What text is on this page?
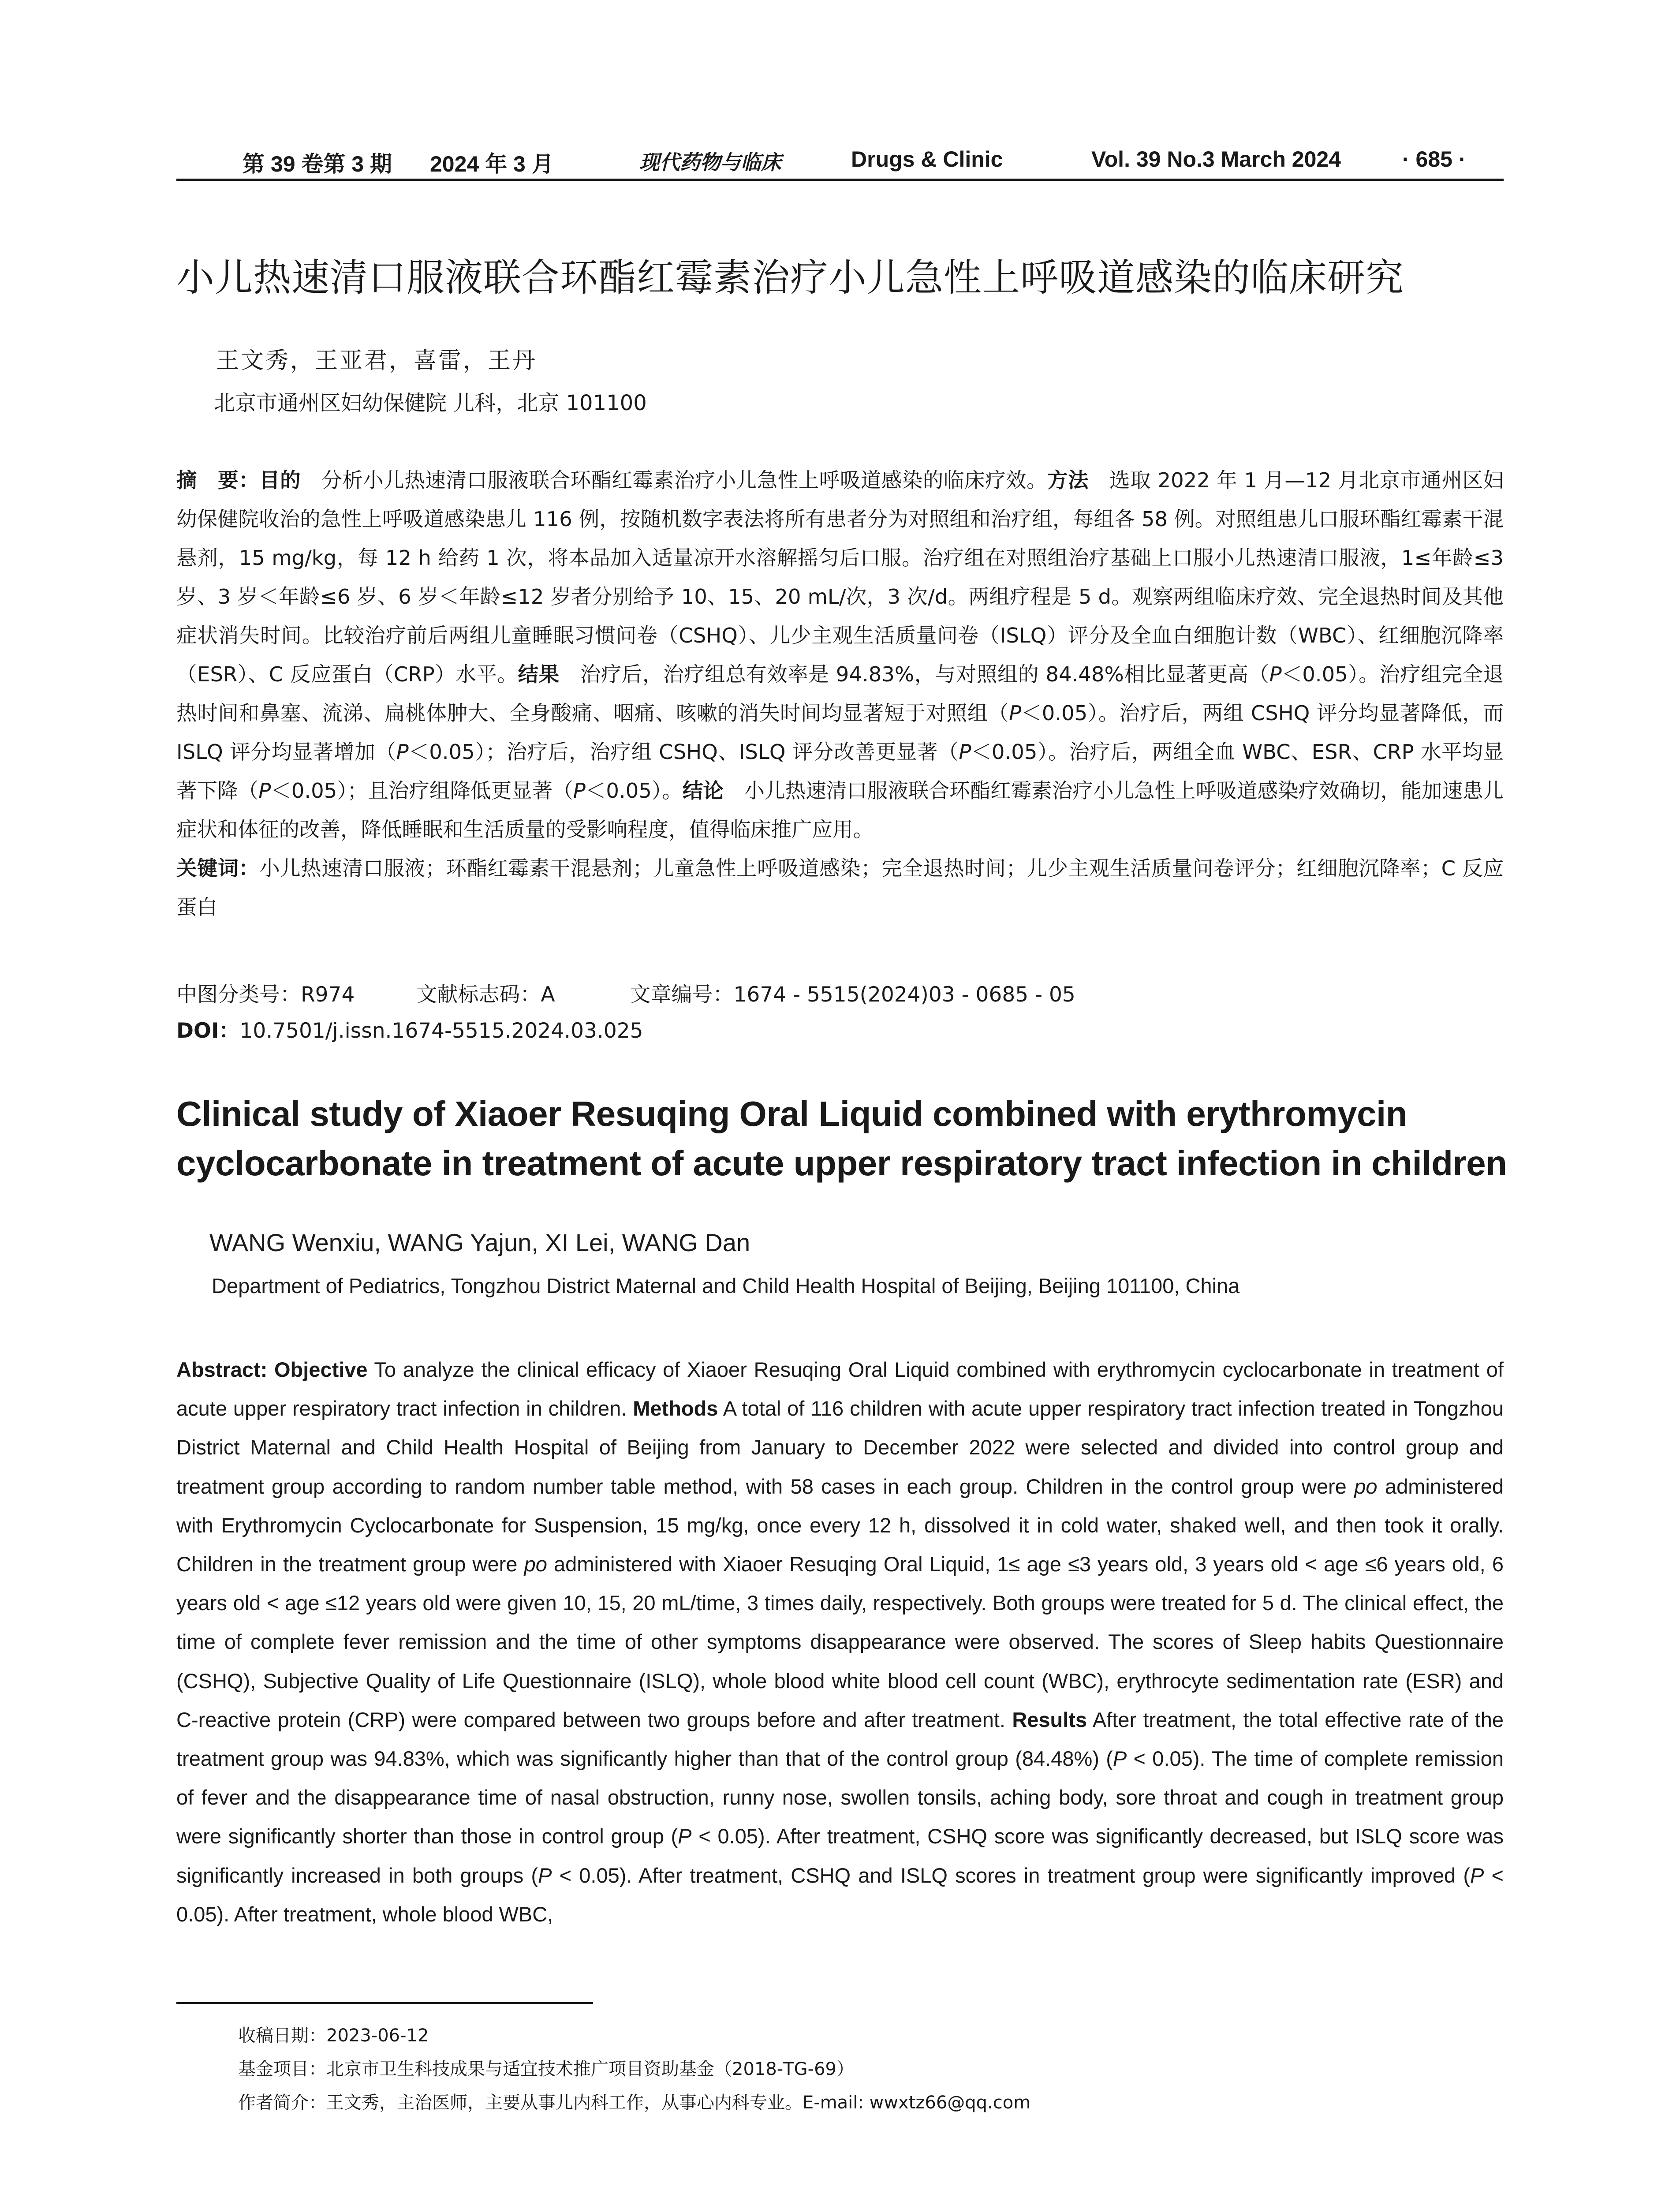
第 39 卷第 3 期 2024 年 3 月	现代药物与临床	Drugs & Clinic	Vol. 39 No.3 March 2024	· 685 ·
小儿热速清口服液联合环酯红霉素治疗小儿急性上呼吸道感染的临床研究
王文秀，王亚君，喜雷，王丹
北京市通州区妇幼保健院 儿科，北京 101100

摘　要：目的　分析小儿热速清口服液联合环酯红霉素治疗小儿急性上呼吸道感染的临床疗效。方法　选取 2022 年 1 月—12 月北京市通州区妇幼保健院收治的急性上呼吸道感染患儿 116 例，按随机数字表法将所有患者分为对照组和治疗组，每组各 58 例。对照组患儿口服环酯红霉素干混悬剂，15 mg/kg，每 12 h 给药 1 次，将本品加入适量凉开水溶解摇匀后口服。治疗组在对照组治疗基础上口服小儿热速清口服液，1≤年龄≤3 岁、3 岁＜年龄≤6 岁、6 岁＜年龄≤12 岁者分别给予 10、15、20 mL/次，3 次/d。两组疗程是 5 d。观察两组临床疗效、完全退热时间及其他症状消失时间。比较治疗前后两组儿童睡眠习惯问卷（CSHQ）、儿少主观生活质量问卷（ISLQ）评分及全血白细胞计数（WBC）、红细胞沉降率（ESR）、C 反应蛋白（CRP）水平。结果　治疗后，治疗组总有效率是 94.83%，与对照组的 84.48%相比显著更高（P＜0.05）。治疗组完全退热时间和鼻塞、流涕、扁桃体肿大、全身酸痛、咽痛、咳嗽的消失时间均显著短于对照组（P＜0.05）。治疗后，两组 CSHQ 评分均显著降低，而 ISLQ 评分均显著增加（P＜0.05）；治疗后，治疗组 CSHQ、ISLQ 评分改善更显著（P＜0.05）。治疗后，两组全血 WBC、ESR、CRP 水平均显著下降（P＜0.05）；且治疗组降低更显著（P＜0.05）。结论　小儿热速清口服液联合环酯红霉素治疗小儿急性上呼吸道感染疗效确切，能加速患儿症状和体征的改善，降低睡眠和生活质量的受影响程度，值得临床推广应用。

关键词：小儿热速清口服液；环酯红霉素干混悬剂；儿童急性上呼吸道感染；完全退热时间；儿少主观生活质量问卷评分；红细胞沉降率；C 反应蛋白

中图分类号：R974	文献标志码：A	文章编号：1674 - 5515(2024)03 - 0685 - 05
DOI：10.7501/j.issn.1674-5515.2024.03.025
Clinical study of Xiaoer Resuqing Oral Liquid combined with erythromycin
cyclocarbonate in treatment of acute upper respiratory tract infection in children
WANG Wenxiu, WANG Yajun, XI Lei, WANG Dan
Department of Pediatrics, Tongzhou District Maternal and Child Health Hospital of Beijing, Beijing 101100, China

Abstract: Objective To analyze the clinical efficacy of Xiaoer Resuqing Oral Liquid combined with erythromycin cyclocarbonate in treatment of acute upper respiratory tract infection in children. Methods A total of 116 children with acute upper respiratory tract infection treated in Tongzhou District Maternal and Child Health Hospital of Beijing from January to December 2022 were selected and divided into control group and treatment group according to random number table method, with 58 cases in each group. Children in the control group were po administered with Erythromycin Cyclocarbonate for Suspension, 15 mg/kg, once every 12 h, dissolved it in cold water, shaked well, and then took it orally. Children in the treatment group were po administered with Xiaoer Resuqing Oral Liquid, 1≤ age ≤3 years old, 3 years old < age ≤6 years old, 6 years old < age ≤12 years old were given 10, 15, 20 mL/time, 3 times daily, respectively. Both groups were treated for 5 d. The clinical effect, the time of complete fever remission and the time of other symptoms disappearance were observed. The scores of Sleep habits Questionnaire (CSHQ), Subjective Quality of Life Questionnaire (ISLQ), whole blood white blood cell count (WBC), erythrocyte sedimentation rate (ESR) and C-reactive protein (CRP) were compared between two groups before and after treatment. Results After treatment, the total effective rate of the treatment group was 94.83%, which was significantly higher than that of the control group (84.48%) (P < 0.05). The time of complete remission of fever and the disappearance time of nasal obstruction, runny nose, swollen tonsils, aching body, sore throat and cough in treatment group were significantly shorter than those in control group (P < 0.05). After treatment, CSHQ score was significantly decreased, but ISLQ score was significantly increased in both groups (P < 0.05). After treatment, CSHQ and ISLQ scores in treatment group were significantly improved (P < 0.05). After treatment, whole blood WBC,

收稿日期：2023-06-12
基金项目：北京市卫生科技成果与适宜技术推广项目资助基金（2018-TG-69）
作者简介：王文秀，主治医师，主要从事儿内科工作，从事心内科专业。E-mail: wwxtz66@qq.com
